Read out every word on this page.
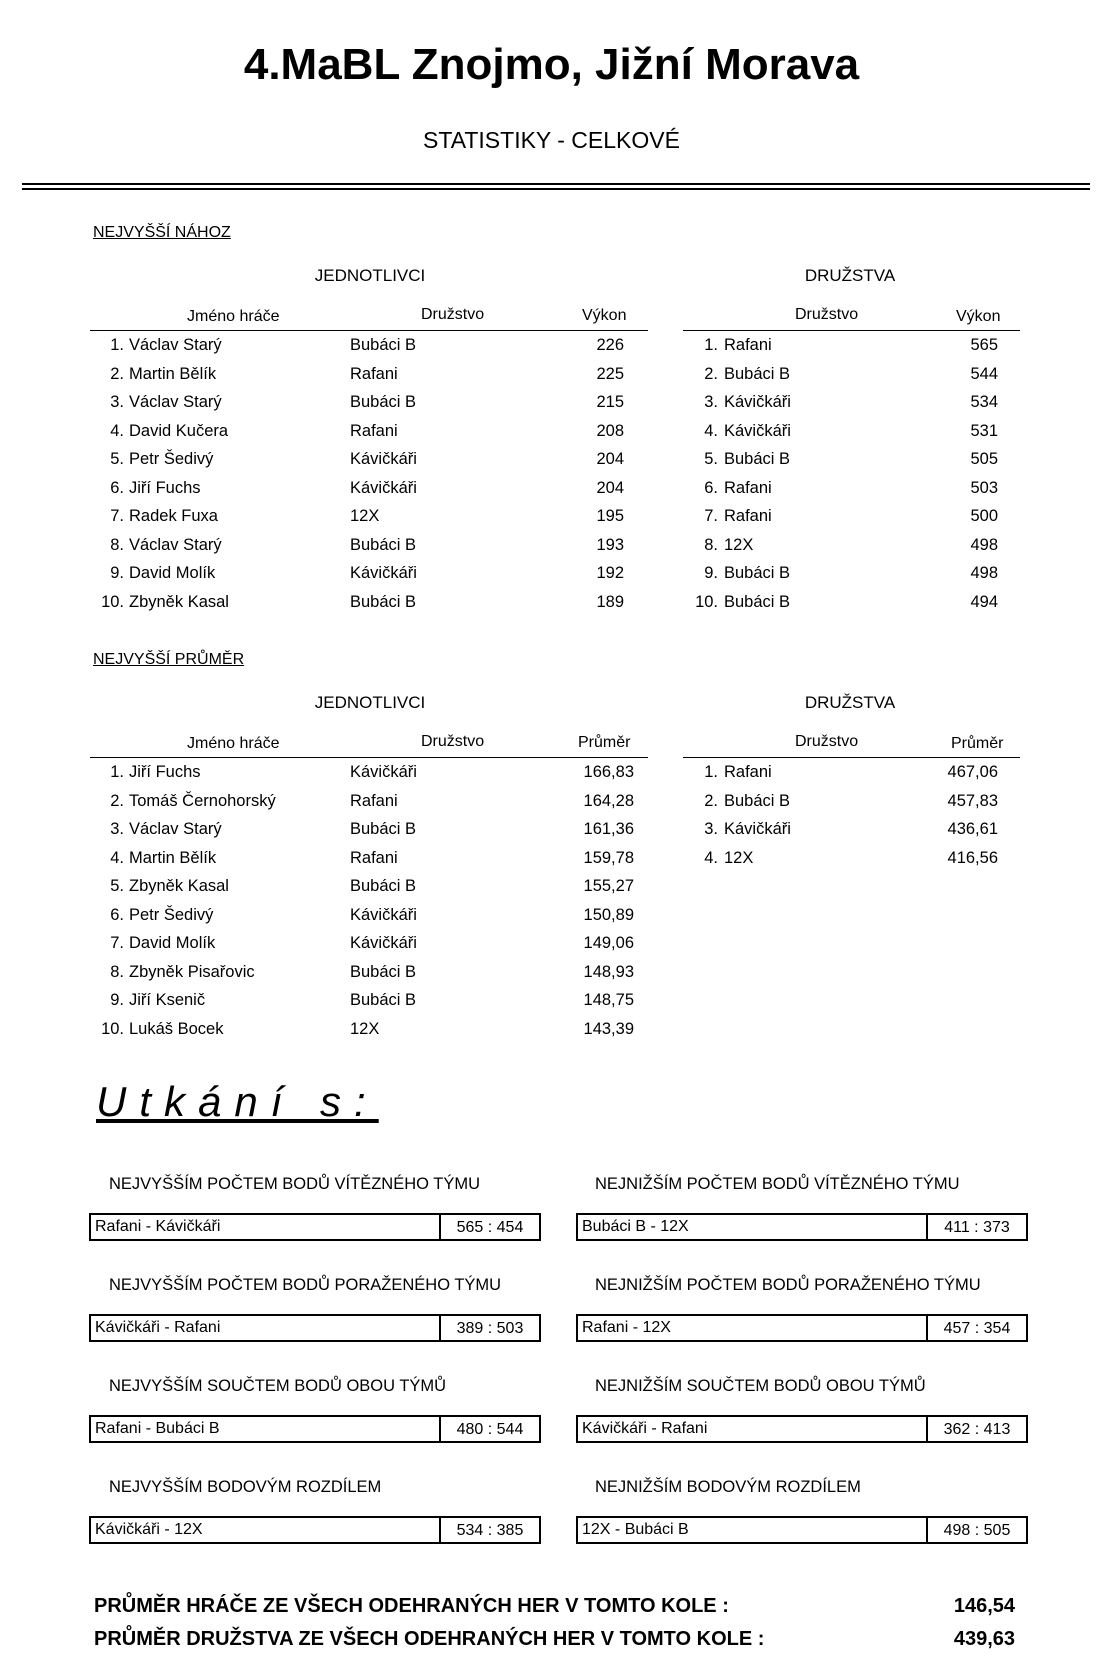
4.MaBL Znojmo, Jižní Morava
STATISTIKY - CELKOVÉ
NEJVYŠŠÍ NÁHOZ
JEDNOTLIVCI	DRUŽSTVA
Jméno hráče	Družstvo	Výkon	Družstvo	Výkon
1. Václav Starý	Bubáci B	226
2. Martin Bělík	Rafani	225
3. Václav Starý	Bubáci B	215
4. David Kučera	Rafani	208
5. Petr Šedivý	Kávičkáři	204
6. Jiří Fuchs	Kávičkáři	204
7. Radek Fuxa	12X	195
8. Václav Starý	Bubáci B	193
9. David Molík	Kávičkáři	192
10. Zbyněk Kasal	Bubáci B	189
1. Rafani	565
2. Bubáci B	544
3. Kávičkáři	534
4. Kávičkáři	531
5. Bubáci B	505
6. Rafani	503
7. Rafani	500
8. 12X	498
9. Bubáci B	498
10. Bubáci B	494
NEJVYŠŠÍ PRŮMĚR
JEDNOTLIVCI	DRUŽSTVA
Jméno hráče	Družstvo	Průměr	Družstvo	Průměr
1. Jiří Fuchs	Kávičkáři	166,83
2. Tomáš Černohorský	Rafani	164,28
3. Václav Starý	Bubáci B	161,36
4. Martin Bělík	Rafani	159,78
5. Zbyněk Kasal	Bubáci B	155,27
6. Petr Šedivý	Kávičkáři	150,89
7. David Molík	Kávičkáři	149,06
8. Zbyněk Pisařovic	Bubáci B	148,93
9. Jiří Ksenič	Bubáci B	148,75
10. Lukáš Bocek	12X	143,39
1. Rafani	467,06
2. Bubáci B	457,83
3. Kávičkáři	436,61
4. 12X	416,56
Utkání s:
NEJVYŠŠÍM POČTEM BODŮ VÍTĚZNÉHO TÝMU
Rafani - Kávičkáři	565 : 454
NEJVYŠŠÍM POČTEM BODŮ PORAŽENÉHO TÝMU
Kávičkáři - Rafani	389 : 503
NEJVYŠŠÍM SOUČTEM BODŮ OBOU TÝMŮ
Rafani - Bubáci B	480 : 544
NEJVYŠŠÍM BODOVÝM ROZDÍLEM
Kávičkáři - 12X	534 : 385
NEJNIŽŠÍM POČTEM BODŮ VÍTĚZNÉHO TÝMU
Bubáci B - 12X	411 : 373
NEJNIŽŠÍM POČTEM BODŮ PORAŽENÉHO TÝMU
Rafani - 12X	457 : 354
NEJNIŽŠÍM SOUČTEM BODŮ OBOU TÝMŮ
Kávičkáři - Rafani	362 : 413
NEJNIŽŠÍM BODOVÝM ROZDÍLEM
12X - Bubáci B	498 : 505
PRŮMĚR HRÁČE ZE VŠECH ODEHRANÝCH HER V TOMTO KOLE :	146,54
PRŮMĚR DRUŽSTVA ZE VŠECH ODEHRANÝCH HER V TOMTO KOLE :	439,63
